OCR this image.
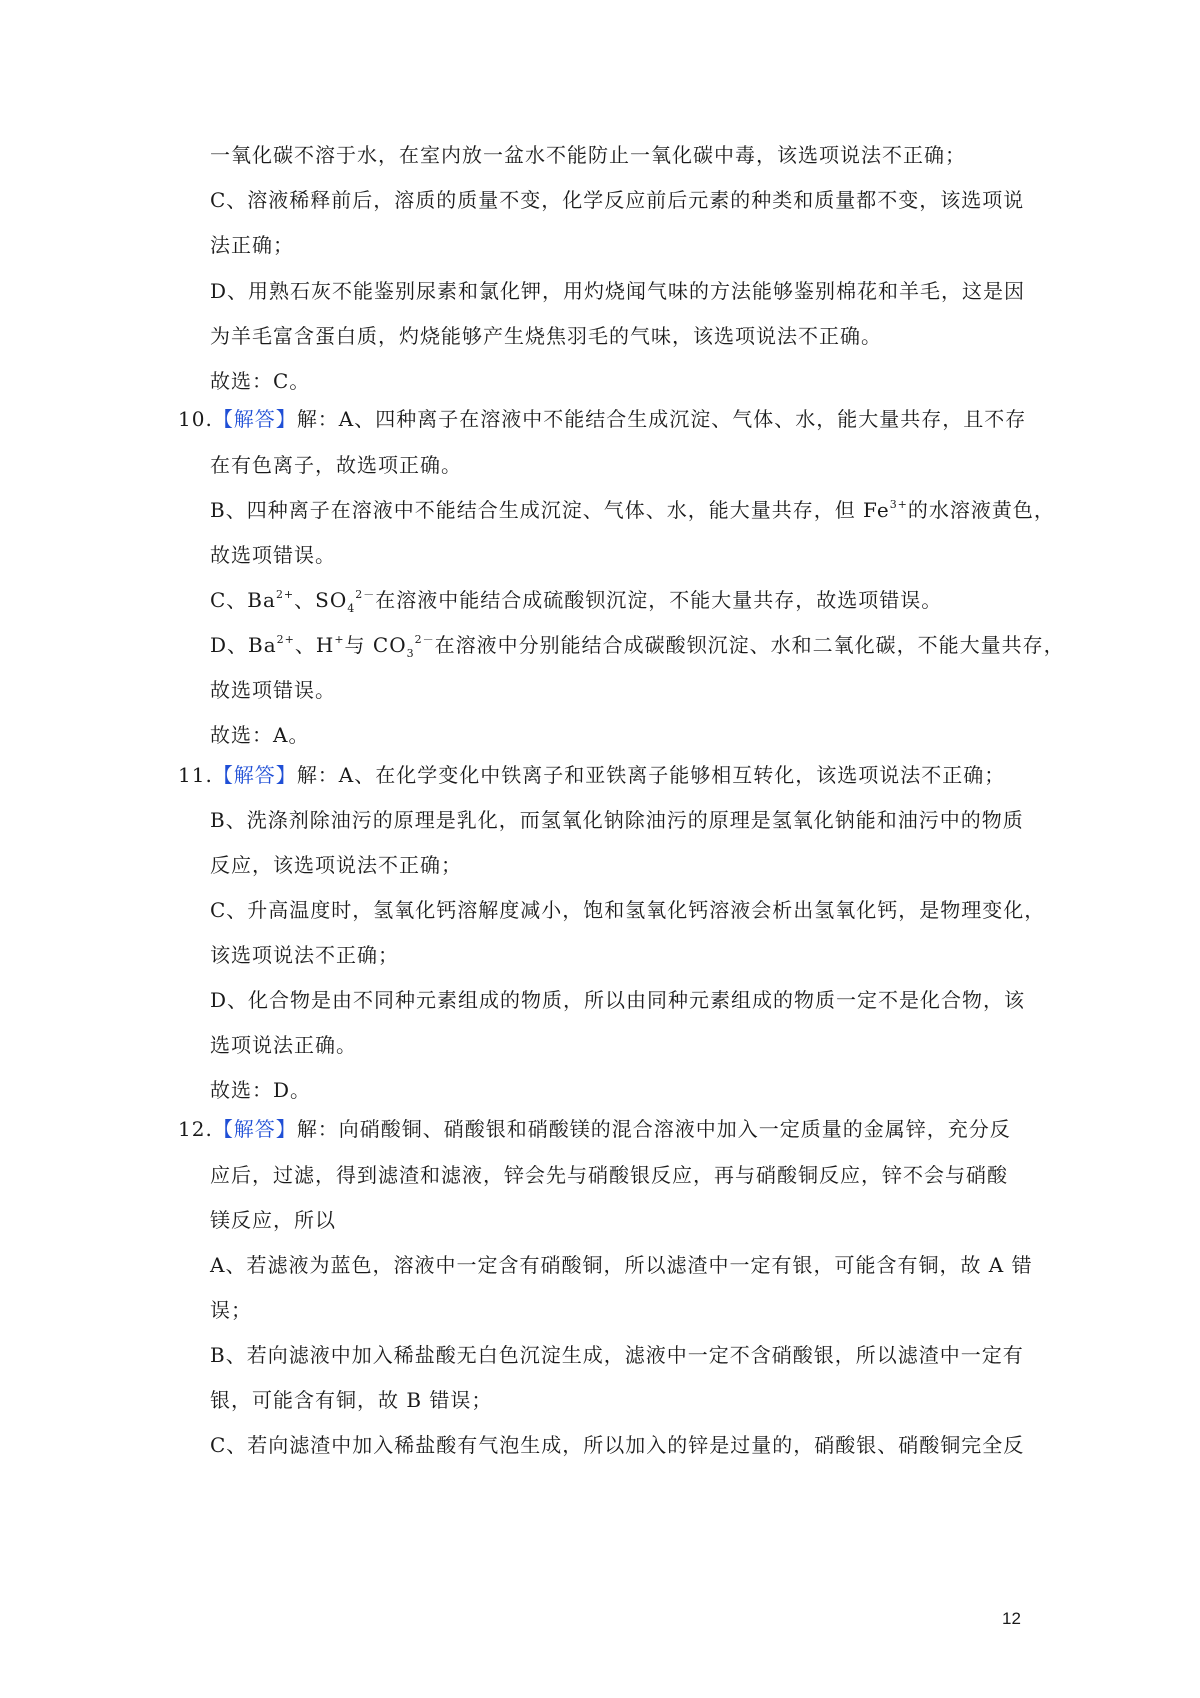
一氧化碳不溶于水，在室内放一盆水不能防止一氧化碳中毒，该选项说法不正确；
C、溶液稀释前后，溶质的质量不变，化学反应前后元素的种类和质量都不变，该选项说
法正确；
D、用熟石灰不能鉴别尿素和氯化钾，用灼烧闻气味的方法能够鉴别棉花和羊毛，这是因
为羊毛富含蛋白质，灼烧能够产生烧焦羽毛的气味，该选项说法不正确。
故选：C。
10.【解答】解：A、四种离子在溶液中不能结合生成沉淀、气体、水，能大量共存，且不存
在有色离子，故选项正确。
B、四种离子在溶液中不能结合生成沉淀、气体、水，能大量共存，但 $Fe^{3+}$的水溶液黄色，
故选项错误。
C、$Ba^{2+}$、$SO_4^{2-}$在溶液中能结合成硫酸钡沉淀，不能大量共存，故选项错误。
D、$Ba^{2+}$、H+与 $CO_3^{2-}$在溶液中分别能结合成碳酸钡沉淀、水和二氧化碳，不能大量共存，
故选项错误。
故选：A。
11.【解答】解：A、在化学变化中铁离子和亚铁离子能够相互转化，该选项说法不正确；
B、洗涤剂除油污的原理是乳化，而氢氧化钠除油污的原理是氢氧化钠能和油污中的物质
反应，该选项说法不正确；
C、升高温度时，氢氧化钙溶解度减小，饱和氢氧化钙溶液会析出氢氧化钙，是物理变化，
该选项说法不正确；
D、化合物是由不同种元素组成的物质，所以由同种元素组成的物质一定不是化合物，该
选项说法正确。
故选：D。
12.【解答】解：向硝酸铜、硝酸银和硝酸镁的混合溶液中加入一定质量的金属锌，充分反
应后，过滤，得到滤渣和滤液，锌会先与硝酸银反应，再与硝酸铜反应，锌不会与硝酸
镁反应，所以
A、若滤液为蓝色，溶液中一定含有硝酸铜，所以滤渣中一定有银，可能含有铜，故 A 错
误；
B、若向滤液中加入稀盐酸无白色沉淀生成，滤液中一定不含硝酸银，所以滤渣中一定有
银，可能含有铜，故 B 错误；
C、若向滤渣中加入稀盐酸有气泡生成，所以加入的锌是过量的，硝酸银、硝酸铜完全反
12
